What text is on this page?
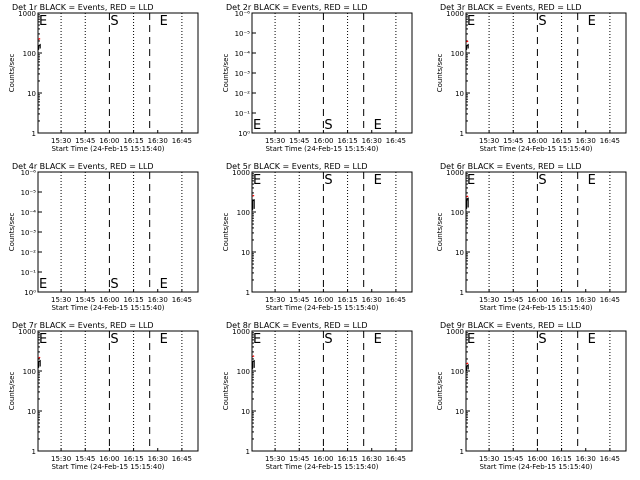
Det 1r BLACK = Events, RED = LLD
15:30 15:45 16:00 16:15 16:30 16:45
1
10
100
1000 E	S	E
Counts/sec
Start Time (24-Feb-15 15:15:40)
Det 2r BLACK = Events, RED = LLD
15:30 15:45 16:00 16:15 16:30 16:45
10⁰
10⁻¹
10⁻²
10⁻³
10⁻⁴
10⁻⁵
10⁻⁶
E	S	E
Counts/sec
Start Time (24-Feb-15 15:15:40)
Det 3r BLACK = Events, RED = LLD
15:30 15:45 16:00 16:15 16:30 16:45
1
10
100
1000 E	S	E
Counts/sec
Start Time (24-Feb-15 15:15:40)
Det 4r BLACK = Events, RED = LLD
15:30 15:45 16:00 16:15 16:30 16:45
10⁰
10⁻¹
10⁻²
10⁻³
10⁻⁴
10⁻⁵
10⁻⁶
E	S	E
Counts/sec
Start Time (24-Feb-15 15:15:40)
Det 5r BLACK = Events, RED = LLD
15:30 15:45 16:00 16:15 16:30 16:45
1
10
100
1000 E	S	E
Counts/sec
Start Time (24-Feb-15 15:15:40)
Det 6r BLACK = Events, RED = LLD
15:30 15:45 16:00 16:15 16:30 16:45
1
10
100
1000 E	S	E
Counts/sec
Start Time (24-Feb-15 15:15:40)
Det 7r BLACK = Events, RED = LLD
15:30 15:45 16:00 16:15 16:30 16:45
1
10
100
1000 E	S	E
Counts/sec
Start Time (24-Feb-15 15:15:40)
Det 8r BLACK = Events, RED = LLD
15:30 15:45 16:00 16:15 16:30 16:45
1
10
100
1000 E	S	E
Counts/sec
Start Time (24-Feb-15 15:15:40)
Det 9r BLACK = Events, RED = LLD
15:30 15:45 16:00 16:15 16:30 16:45
1
10
100
1000 E	S	E
Counts/sec
Start Time (24-Feb-15 15:15:40)
